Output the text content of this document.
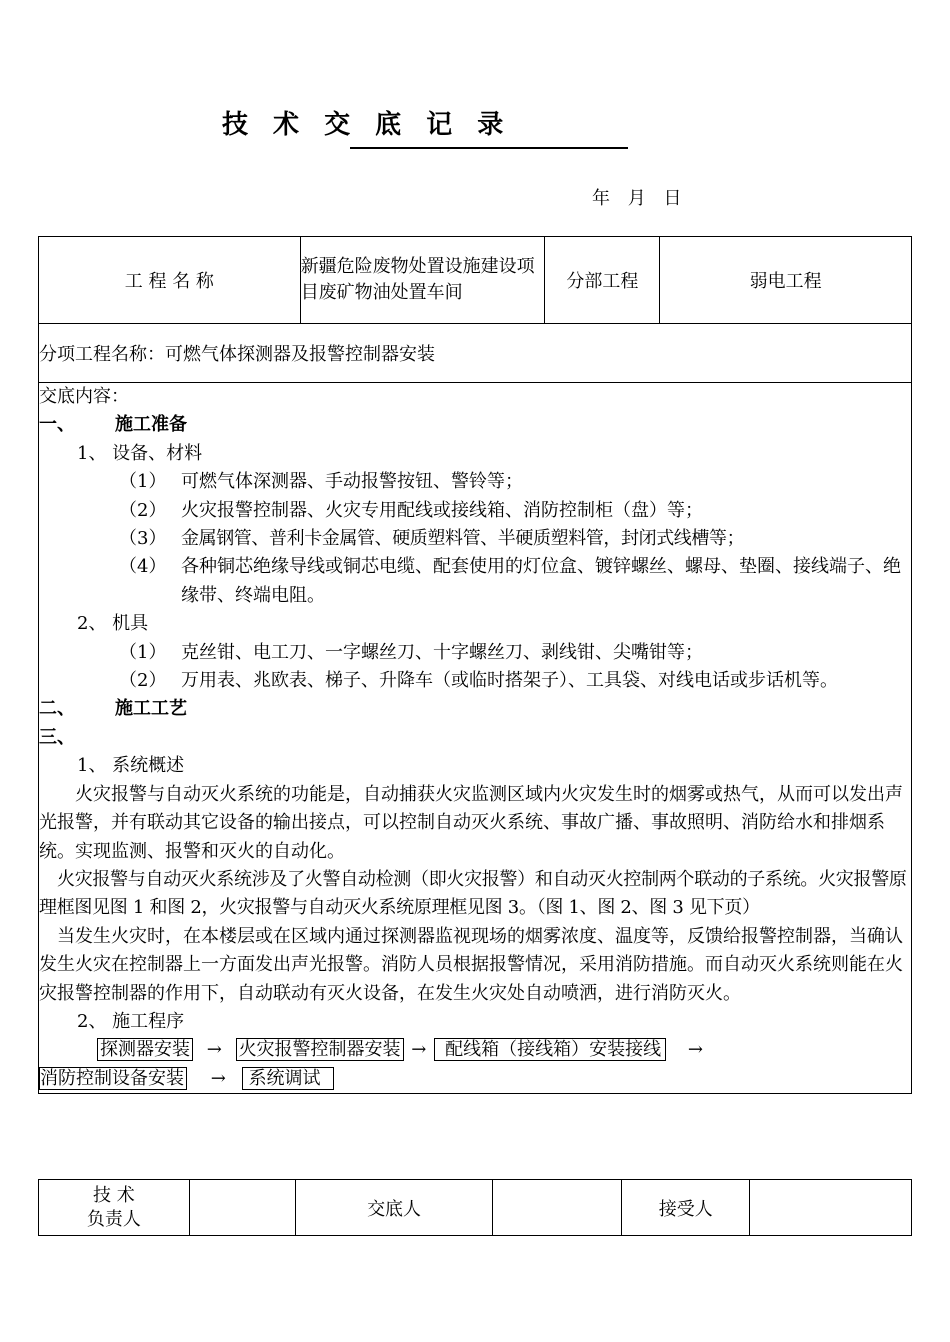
技 术 交 底 记 录
年 月 日
工 程 名 称	新疆危险废物处置设施建设项目废矿物油处置车间	分部工程	弱电工程
分项工程名称：可燃气体探测器及报警控制器安装

交底内容：
一、 施工准备
1、 设备、材料
（1） 可燃气体深测器、手动报警按钮、警铃等；
（2） 火灾报警控制器、火灾专用配线或接线箱、消防控制柜（盘）等；
（3） 金属钢管、普利卡金属管、硬质塑料管、半硬质塑料管，封闭式线槽等；
（4） 各种铜芯绝缘导线或铜芯电缆、配套使用的灯位盒、镀锌螺丝、螺母、垫圈、接线端子、绝缘带、终端电阻。
2、 机具
（1） 克丝钳、电工刀、一字螺丝刀、十字螺丝刀、剥线钳、尖嘴钳等；
（2） 万用表、兆欧表、梯子、升降车（或临时搭架子）、工具袋、对线电话或步话机等。
二、 施工工艺
三、
1、 系统概述
火灾报警与自动灭火系统的功能是，自动捕获火灾监测区域内火灾发生时的烟雾或热气，从而可以发出声光报警，并有联动其它设备的输出接点，可以控制自动灭火系统、事故广播、事故照明、消防给水和排烟系统。实现监测、报警和灭火的自动化。
火灾报警与自动灭火系统涉及了火警自动检测（即火灾报警）和自动灭火控制两个联动的子系统。火灾报警原理框图见图 1 和图 2，火灾报警与自动灭火系统原理框见图 3。（图 1、图 2、图 3 见下页）
当发生火灾时，在本楼层或在区域内通过探测器监视现场的烟雾浓度、温度等，反馈给报警控制器，当确认发生火灾在控制器上一方面发出声光报警。消防人员根据报警情况，采用消防措施。而自动灭火系统则能在火灾报警控制器的作用下，自动联动有灭火设备，在发生火灾处自动喷洒，进行消防灭火。
2、 施工程序
探测器安装 → 火灾报警控制器安装 → 配线箱（接线箱）安装接线 →
消防控制设备安装 → 系统调试
技 术
负责人		交底人		接受人	
